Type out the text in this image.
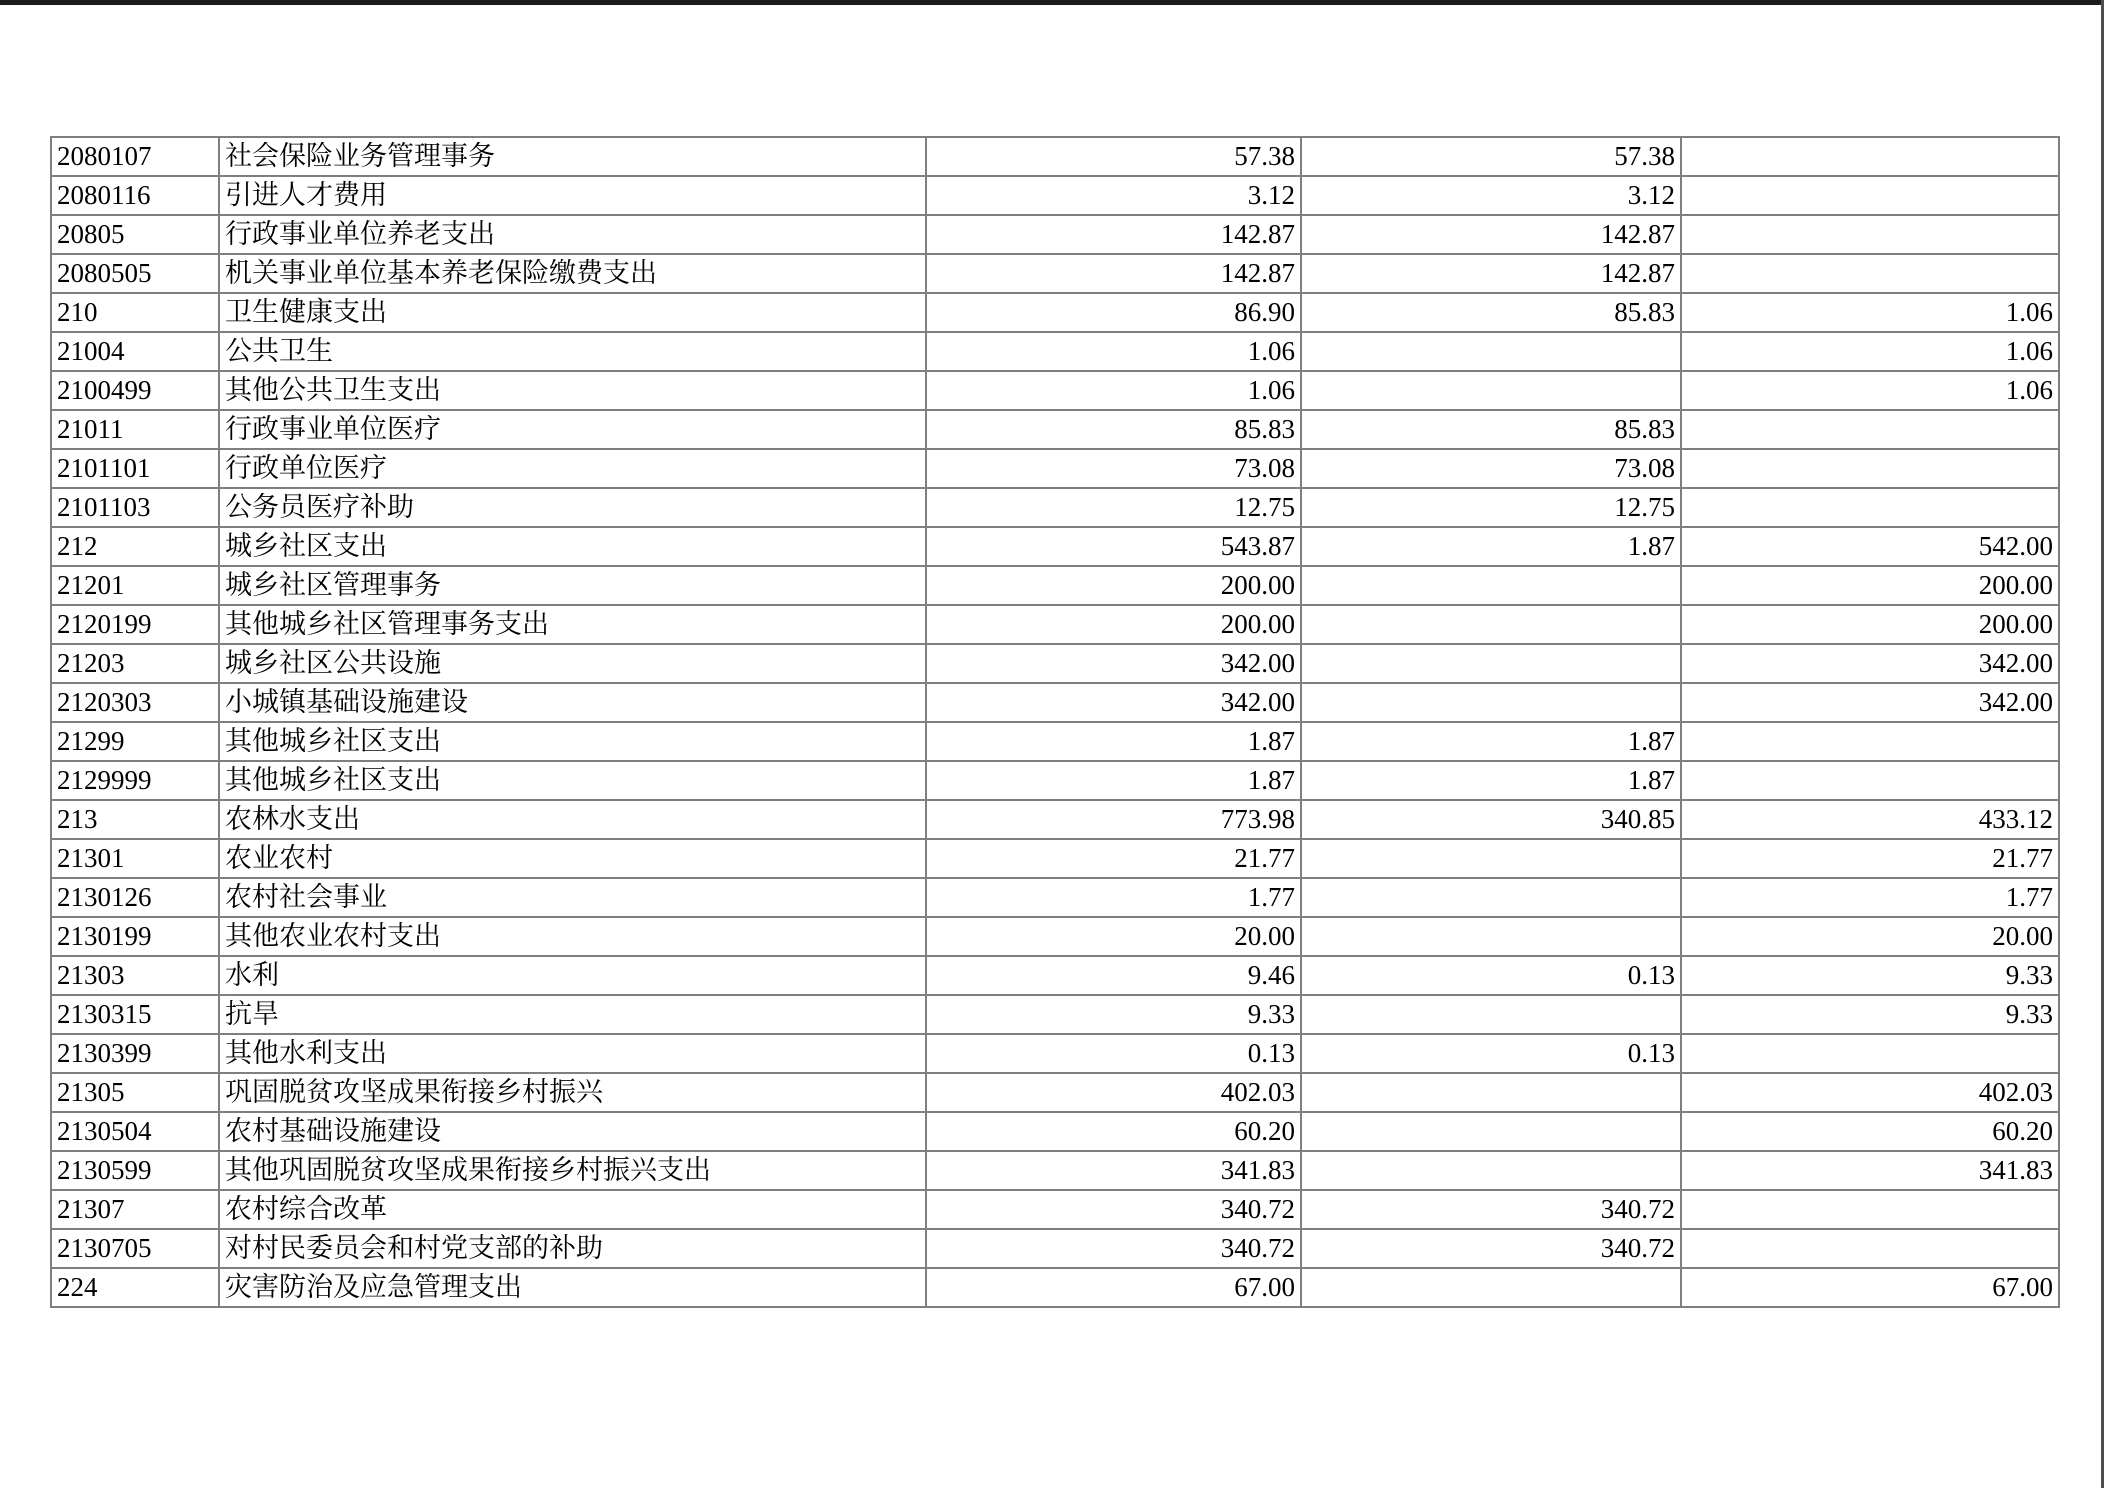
2080107	社会保险业务管理事务	57.38	57.38	
2080116	引进人才费用	3.12	3.12	
20805	行政事业单位养老支出	142.87	142.87	
2080505	机关事业单位基本养老保险缴费支出	142.87	142.87	
210	卫生健康支出	86.90	85.83	1.06
21004	公共卫生	1.06		1.06
2100499	其他公共卫生支出	1.06		1.06
21011	行政事业单位医疗	85.83	85.83	
2101101	行政单位医疗	73.08	73.08	
2101103	公务员医疗补助	12.75	12.75	
212	城乡社区支出	543.87	1.87	542.00
21201	城乡社区管理事务	200.00		200.00
2120199	其他城乡社区管理事务支出	200.00		200.00
21203	城乡社区公共设施	342.00		342.00
2120303	小城镇基础设施建设	342.00		342.00
21299	其他城乡社区支出	1.87	1.87	
2129999	其他城乡社区支出	1.87	1.87	
213	农林水支出	773.98	340.85	433.12
21301	农业农村	21.77		21.77
2130126	农村社会事业	1.77		1.77
2130199	其他农业农村支出	20.00		20.00
21303	水利	9.46	0.13	9.33
2130315	抗旱	9.33		9.33
2130399	其他水利支出	0.13	0.13	
21305	巩固脱贫攻坚成果衔接乡村振兴	402.03		402.03
2130504	农村基础设施建设	60.20		60.20
2130599	其他巩固脱贫攻坚成果衔接乡村振兴支出	341.83		341.83
21307	农村综合改革	340.72	340.72	
2130705	对村民委员会和村党支部的补助	340.72	340.72	
224	灾害防治及应急管理支出	67.00		67.00
